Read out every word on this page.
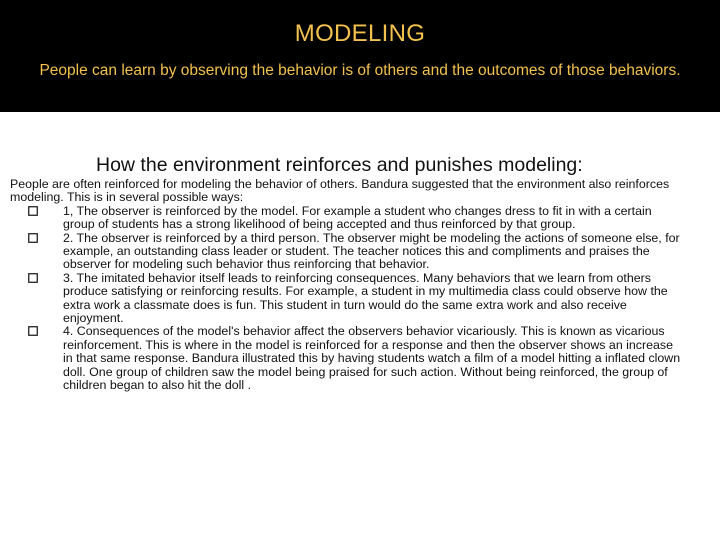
MODELING
People can learn by observing the behavior is of others and the outcomes of those behaviors.
How the environment reinforces and punishes modeling:

People are often reinforced for modeling the behavior of others. Bandura suggested that the environment also reinforces modeling. This is in several possible ways:

1, The observer is reinforced by the model. For example a student who changes dress to fit in with a certain group of students has a strong likelihood of being accepted and thus reinforced by that group.
2. The observer is reinforced by a third person. The observer might be modeling the actions of someone else, for example, an outstanding class leader or student. The teacher notices this and compliments and praises the observer for modeling such behavior thus reinforcing that behavior.
3. The imitated behavior itself leads to reinforcing consequences. Many behaviors that we learn from others produce satisfying or reinforcing results. For example, a student in my multimedia class could observe how the extra work a classmate does is fun. This student in turn would do the same extra work and also receive enjoyment.
4. Consequences of the model's behavior affect the observers behavior vicariously. This is known as vicarious reinforcement. This is where in the model is reinforced for a response and then the observer shows an increase in that same response. Bandura illustrated this by having students watch a film of a model hitting a inflated clown doll. One group of children saw the model being praised for such action. Without being reinforced, the group of children began to also hit the doll .
